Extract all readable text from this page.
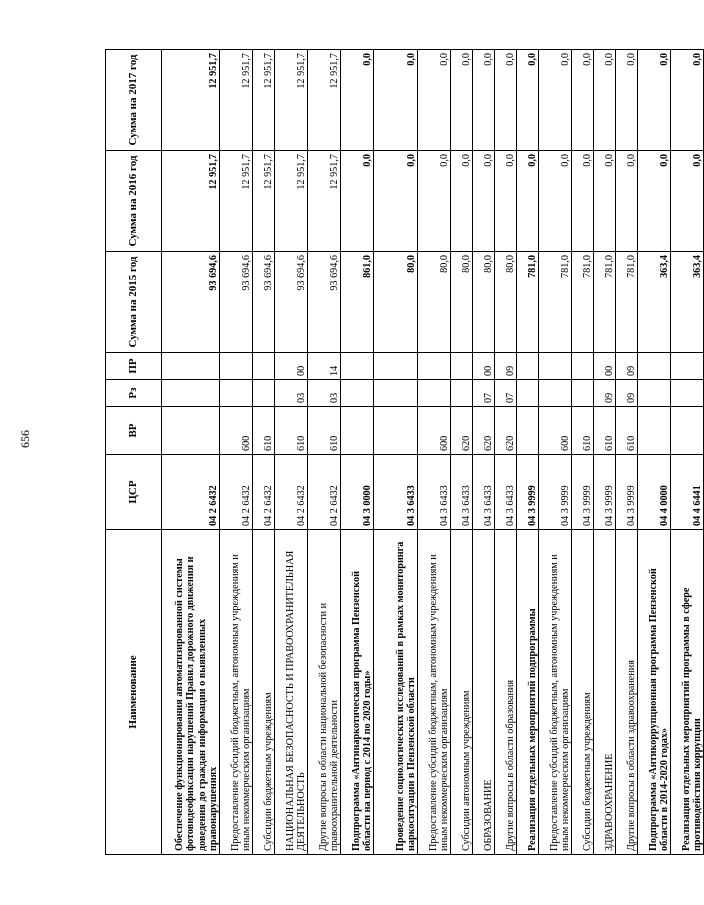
656
Наименование	ЦСР	ВР	Рз	ПР	Сумма на 2015 год	Сумма на 2016 год	Сумма на 2017 год
Обеспечение функционирования автоматизированной системы фотовидеофиксации нарушений Правил дорожного движения и доведения до граждан информации о выявленных правонарушениях	04 2 6432				93 694,6	12 951,7	12 951,7
Предоставление субсидий бюджетным, автономным учреждениям и иным некоммерческим организациям	04 2 6432	600			93 694,6	12 951,7	12 951,7
Субсидии бюджетным учреждениям	04 2 6432	610			93 694,6	12 951,7	12 951,7
НАЦИОНАЛЬНАЯ БЕЗОПАСНОСТЬ И ПРАВООХРАНИТЕЛЬНАЯ ДЕЯТЕЛЬНОСТЬ	04 2 6432	610	03	00	93 694,6	12 951,7	12 951,7
Другие вопросы в области национальной безопасности и правоохранительной деятельности	04 2 6432	610	03	14	93 694,6	12 951,7	12 951,7
Подпрограмма «Антинаркотическая программа Пензенской области на период с 2014 по 2020 годы»	04 3 0000				861,0	0,0	0,0
Проведение социологических исследований в рамках мониторинга наркоситуации в Пензенской области	04 3 6433				80,0	0,0	0,0
Предоставление субсидий бюджетным, автономным учреждениям и иным некоммерческим организациям	04 3 6433	600			80,0	0,0	0,0
Субсидии автономным учреждениям	04 3 6433	620			80,0	0,0	0,0
ОБРАЗОВАНИЕ	04 3 6433	620	07	00	80,0	0,0	0,0
Другие вопросы в области образования	04 3 6433	620	07	09	80,0	0,0	0,0
Реализация отдельных мероприятий подпрограммы	04 3 9999				781,0	0,0	0,0
Предоставление субсидий бюджетным, автономным учреждениям и иным некоммерческим организациям	04 3 9999	600			781,0	0,0	0,0
Субсидии бюджетным учреждениям	04 3 9999	610			781,0	0,0	0,0
ЗДРАВООХРАНЕНИЕ	04 3 9999	610	09	00	781,0	0,0	0,0
Другие вопросы в области здравоохранения	04 3 9999	610	09	09	781,0	0,0	0,0
Подпрограмма «Антикоррупционная программа Пензенской области в 2014-2020 годах»	04 4 0000				363,4	0,0	0,0
Реализация отдельных мероприятий программы в сфере противодействия коррупции	04 4 6441				363,4	0,0	0,0
